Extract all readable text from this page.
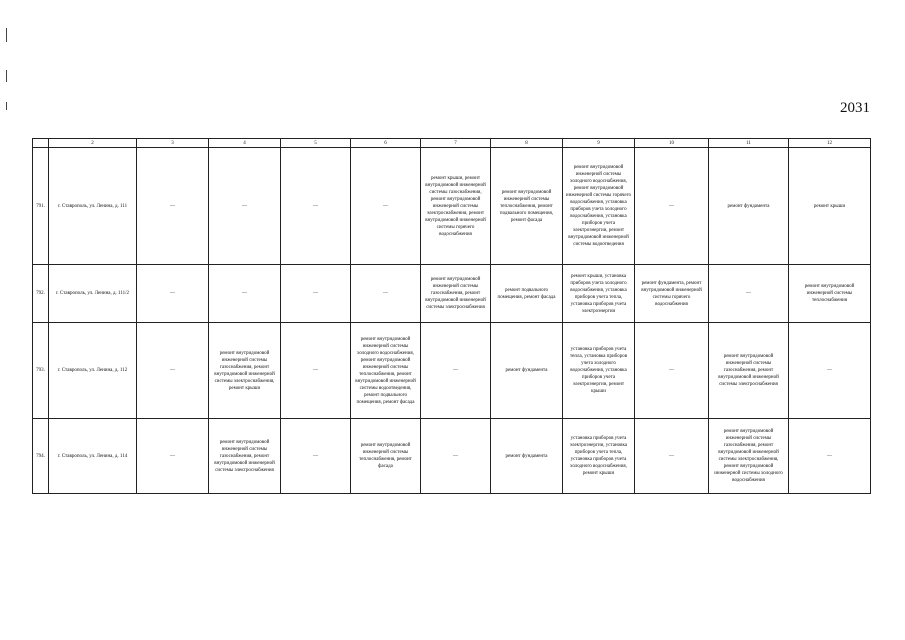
2031
	2	3	4	5	6	7	8	9	10	11	12
791.	г. Ставрополь, ул. Ленина, д. 111	—	—	—	—	ремонт крыши, ремонт внутридомовой инженерной системы газоснабжения, ремонт внутридомовой инженерной системы электроснабжения, ремонт внутридомовой инженерной системы горячего водоснабжения	ремонт внутридомовой инженерной системы теплоснабжения, ремонт подвального помещения, ремонт фасада	ремонт внутридомовой инженерной системы холодного водоснабжения, ремонт внутридомовой инженерной системы горячего водоснабжения, установка приборов учета холодного водоснабжения, установка приборов учета электроэнергии, ремонт внутридомовой инженерной системы водоотведения	—	ремонт фундамента	ремонт крыши
792.	г. Ставрополь, ул. Ленина, д. 111/2	—	—	—	—	ремонт внутридомовой инженерной системы газоснабжения, ремонт внутридомовой инженерной системы электроснабжения	ремонт подвального помещения, ремонт фасада	ремонт крыши, установка приборов учета холодного водоснабжения, установка приборов учета тепла, установка приборов учета электроэнергии	ремонт фундамента, ремонт внутридомовой инженерной системы горячего водоснабжения	—	ремонт внутридомовой инженерной системы теплоснабжения
793.	г. Ставрополь, ул. Ленина, д. 112	—	ремонт внутридомовой инженерной системы газоснабжения, ремонт внутридомовой инженерной системы электроснабжения, ремонт крыши	—	ремонт внутридомовой инженерной системы холодного водоснабжения, ремонт внутридомовой инженерной системы теплоснабжения, ремонт внутридомовой инженерной системы водоотведения, ремонт подвального помещения, ремонт фасада	—	ремонт фундамента	установка приборов учета тепла, установка приборов учета холодного водоснабжения, установка приборов учета электроэнергии, ремонт крыши	—	ремонт внутридомовой инженерной системы газоснабжения, ремонт внутридомовой инженерной системы электроснабжения	—
794.	г. Ставрополь, ул. Ленина, д. 114	—	ремонт внутридомовой инженерной системы газоснабжения, ремонт внутридомовой инженерной системы электроснабжения	—	ремонт внутридомовой инженерной системы теплоснабжения, ремонт фасада	—	ремонт фундамента	установка приборов учета электроэнергии, установка приборов учета тепла, установка приборов учета холодного водоснабжения, ремонт крыши	—	ремонт внутридомовой инженерной системы газоснабжения, ремонт внутридомовой инженерной системы электроснабжения, ремонт внутридомовой инженерной системы холодного водоснабжения	—
